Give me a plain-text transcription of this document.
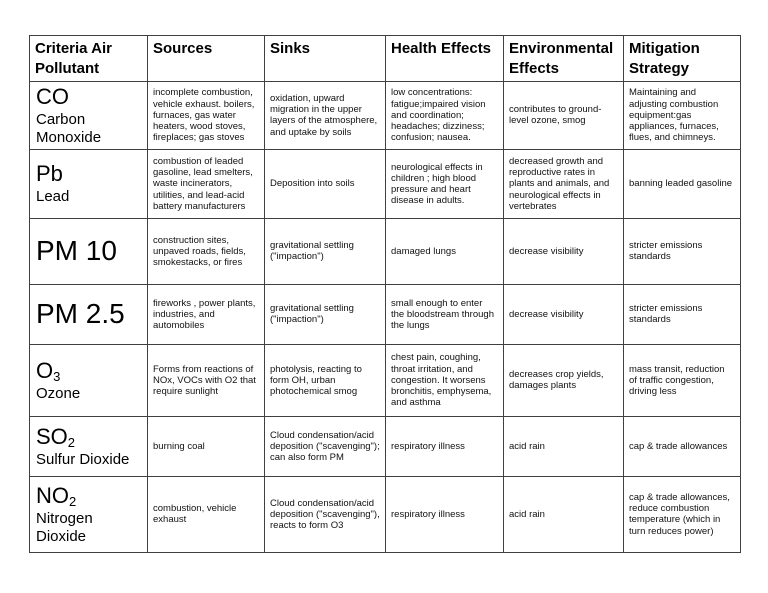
Criteria Air Pollutant	Sources	Sinks	Health Effects	Environmental Effects	Mitigation Strategy

CO
Carbon Monoxide	incomplete combustion, vehicle exhaust. boilers, furnaces, gas water heaters, wood stoves, fireplaces; gas stoves	oxidation, upward migration in the upper layers of the atmosphere, and uptake by soils	low concentrations: fatigue;impaired vision and coordination; headaches; dizziness; confusion; nausea.	contributes to ground-level ozone, smog	Maintaining and adjusting combustion equipment:gas appliances, furnaces, flues, and chimneys.

Pb
Lead	combustion of leaded gasoline, lead smelters, waste incinerators, utilities, and lead-acid battery manufacturers	Deposition into soils	neurological effects in children ; high blood pressure and heart disease in adults.	decreased growth and reproductive rates in plants and animals, and neurological effects in vertebrates	banning leaded gasoline

PM 10	construction sites, unpaved roads, fields, smokestacks, or fires	gravitational settling ("impaction")	damaged lungs	decrease visibility	stricter emissions standards

PM 2.5	fireworks , power plants, industries, and automobiles	gravitational settling ("impaction")	small enough to enter the bloodstream through the lungs	decrease visibility	stricter emissions standards

$O_3$
Ozone	Forms from reactions of NOx, VOCs with O2 that require sunlight	photolysis, reacting to form OH, urban photochemical smog	chest pain, coughing, throat irritation, and congestion. It worsens bronchitis, emphysema, and asthma	decreases crop yields, damages plants	mass transit, reduction of traffic congestion, driving less

$SO_2$
Sulfur Dioxide	burning coal	Cloud condensation/acid deposition ("scavenging"); can also form PM	respiratory illness	acid rain	cap & trade allowances

$NO_2$
Nitrogen Dioxide	combustion, vehicle exhaust	Cloud condensation/acid deposition ("scavenging"), reacts to form O3	respiratory illness	acid rain	cap & trade allowances, reduce combustion temperature (which in turn reduces power)
